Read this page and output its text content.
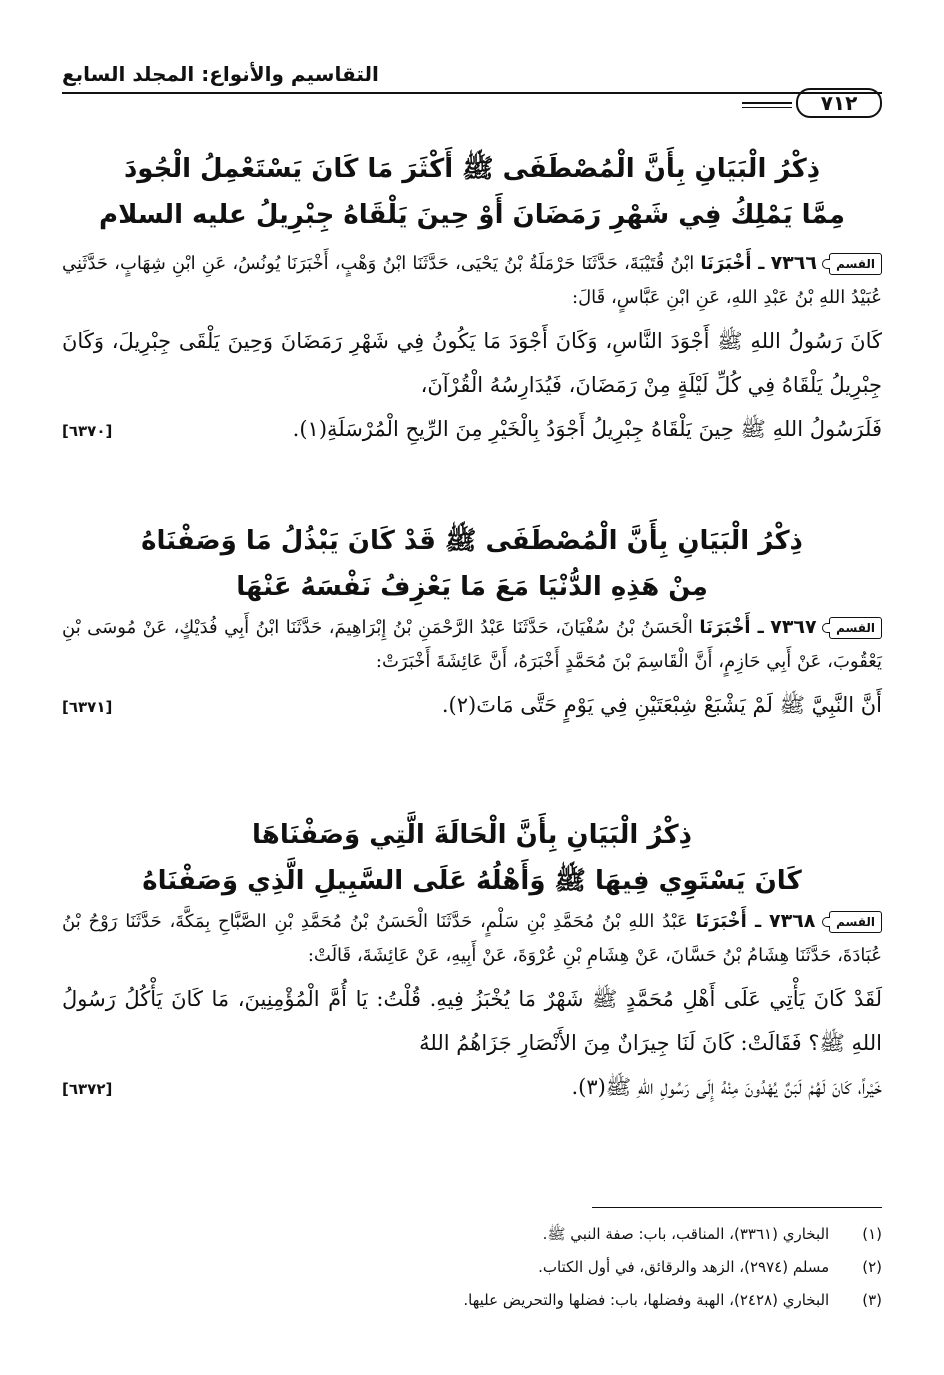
التقاسيم والأنواع: المجلد السابع
٧١٢
ذِكْرُ الْبَيَانِ بِأَنَّ الْمُصْطَفَى ﷺ أَكْثَرَ مَا كَانَ يَسْتَعْمِلُ الْجُودَ
مِمَّا يَمْلِكُ فِي شَهْرِ رَمَضَانَ أَوْ حِينَ يَلْقَاهُ جِبْرِيلُ عليه السلام
القسم ٧٣٦٦ ـ أَخْبَرَنَا ابْنُ قُتَيْبَةَ، حَدَّثَنَا حَرْمَلَةُ بْنُ يَحْيَى، حَدَّثَنَا ابْنُ وَهْبٍ، أَخْبَرَنَا يُونُسُ، عَنِ ابْنِ شِهَابٍ، حَدَّثَنِي عُبَيْدُ اللهِ بْنُ عَبْدِ اللهِ، عَنِ ابْنِ عَبَّاسٍ، قَالَ:
كَانَ رَسُولُ اللهِ ﷺ أَجْوَدَ النَّاسِ، وَكَانَ أَجْوَدَ مَا يَكُونُ فِي شَهْرِ رَمَضَانَ وَحِينَ يَلْقَى جِبْرِيلَ، وَكَانَ جِبْرِيلُ يَلْقَاهُ فِي كُلِّ لَيْلَةٍ مِنْ رَمَضَانَ، فَيُدَارِسُهُ الْقُرْآنَ،
فَلَرَسُولُ اللهِ ﷺ حِينَ يَلْقَاهُ جِبْرِيلُ أَجْوَدُ بِالْخَيْرِ مِنَ الرِّيحِ الْمُرْسَلَةِ(١).
[٦٣٧٠]
ذِكْرُ الْبَيَانِ بِأَنَّ الْمُصْطَفَى ﷺ قَدْ كَانَ يَبْذُلُ مَا وَصَفْنَاهُ
مِنْ هَذِهِ الدُّنْيَا مَعَ مَا يَعْزِفُ نَفْسَهُ عَنْهَا
القسم ٧٣٦٧ ـ أَخْبَرَنَا الْحَسَنُ بْنُ سُفْيَانَ، حَدَّثَنَا عَبْدُ الرَّحْمَنِ بْنُ إِبْرَاهِيمَ، حَدَّثَنَا ابْنُ أَبِي فُدَيْكٍ، عَنْ مُوسَى بْنِ يَعْقُوبَ، عَنْ أَبِي حَازِمٍ، أَنَّ الْقَاسِمَ بْنَ مُحَمَّدٍ أَخْبَرَهُ، أَنَّ عَائِشَةَ أَخْبَرَتْ:
أَنَّ النَّبِيَّ ﷺ لَمْ يَشْبَعْ شِبْعَتَيْنِ فِي يَوْمٍ حَتَّى مَاتَ(٢).
[٦٣٧١]
ذِكْرُ الْبَيَانِ بِأَنَّ الْحَالَةَ الَّتِي وَصَفْنَاهَا
كَانَ يَسْتَوِي فِيهَا ﷺ وَأَهْلُهُ عَلَى السَّبِيلِ الَّذِي وَصَفْنَاهُ
القسم ٧٣٦٨ ـ أَخْبَرَنَا عَبْدُ اللهِ بْنُ مُحَمَّدِ بْنِ سَلْمٍ، حَدَّثَنَا الْحَسَنُ بْنُ مُحَمَّدِ بْنِ الصَّبَّاحِ بِمَكَّةَ، حَدَّثَنَا رَوْحُ بْنُ عُبَادَةَ، حَدَّثَنَا هِشَامُ بْنُ حَسَّانَ، عَنْ هِشَامِ بْنِ عُرْوَةَ، عَنْ أَبِيهِ، عَنْ عَائِشَةَ، قَالَتْ:
لَقَدْ كَانَ يَأْتِي عَلَى أَهْلِ مُحَمَّدٍ ﷺ شَهْرٌ مَا يُخْبَزُ فِيهِ. قُلْتُ: يَا أُمَّ الْمُؤْمِنِينَ، مَا كَانَ يَأْكُلُ رَسُولُ اللهِ ﷺ؟ فَقَالَتْ: كَانَ لَنَا جِيرَانٌ مِنَ الأَنْصَارِ جَزَاهُمُ اللهُ
خَيْراً، كَانَ لَهُمْ لَبَنٌ يُهْدُونَ مِنْهُ إِلَى رَسُولِ اللهِ ﷺ(٣).
[٦٣٧٢]
(١) البخاري (٣٣٦١)، المناقب، باب: صفة النبي ﷺ.
(٢) مسلم (٢٩٧٤)، الزهد والرقائق، في أول الكتاب.
(٣) البخاري (٢٤٢٨)، الهبة وفضلها، باب: فضلها والتحريض عليها.
